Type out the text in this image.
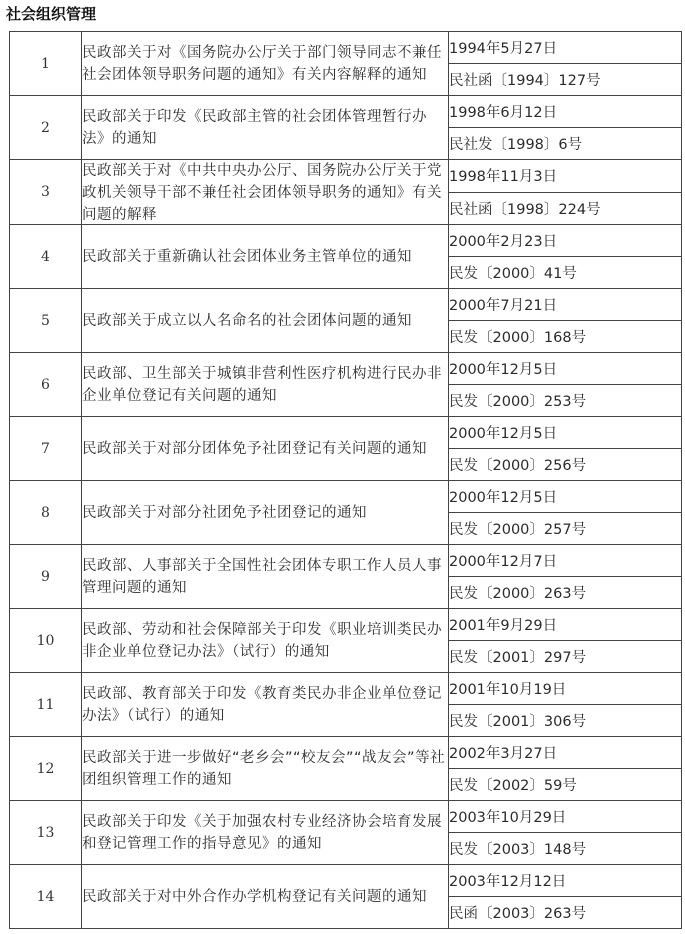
社会组织管理
1	民政部关于对《国务院办公厅关于部门领导同志不兼任社会团体领导职务问题的通知》有关内容解释的通知	1994年5月27日
		民社函〔1994〕127号
2	民政部关于印发《民政部主管的社会团体管理暂行办法》的通知	1998年6月12日
		民社发〔1998〕6号
3	民政部关于对《中共中央办公厅、国务院办公厅关于党政机关领导干部不兼任社会团体领导职务的通知》有关问题的解释	1998年11月3日
		民社函〔1998〕224号
4	民政部关于重新确认社会团体业务主管单位的通知	2000年2月23日
		民发〔2000〕41号
5	民政部关于成立以人名命名的社会团体问题的通知	2000年7月21日
		民发〔2000〕168号
6	民政部、卫生部关于城镇非营利性医疗机构进行民办非企业单位登记有关问题的通知	2000年12月5日
		民发〔2000〕253号
7	民政部关于对部分团体免予社团登记有关问题的通知	2000年12月5日
		民发〔2000〕256号
8	民政部关于对部分社团免予社团登记的通知	2000年12月5日
		民发〔2000〕257号
9	民政部、人事部关于全国性社会团体专职工作人员人事管理问题的通知	2000年12月7日
		民发〔2000〕263号
10	民政部、劳动和社会保障部关于印发《职业培训类民办非企业单位登记办法》（试行）的通知	2001年9月29日
		民发〔2001〕297号
11	民政部、教育部关于印发《教育类民办非企业单位登记办法》（试行）的通知	2001年10月19日
		民发〔2001〕306号
12	民政部关于进一步做好“老乡会”“校友会”“战友会”等社团组织管理工作的通知	2002年3月27日
		民发〔2002〕59号
13	民政部关于印发《关于加强农村专业经济协会培育发展和登记管理工作的指导意见》的通知	2003年10月29日
		民发〔2003〕148号
14	民政部关于对中外合作办学机构登记有关问题的通知	2003年12月12日
		民函〔2003〕263号
